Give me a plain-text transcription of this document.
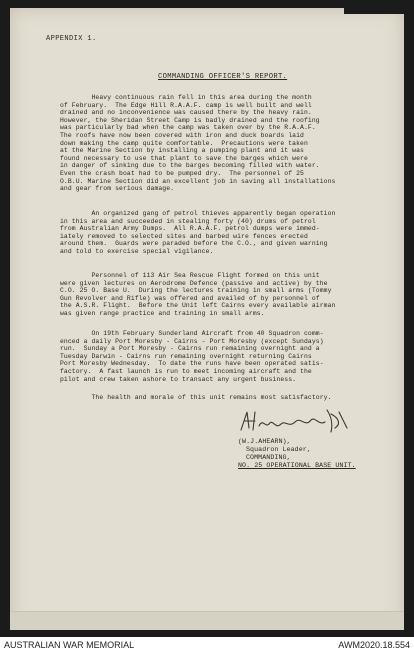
APPENDIX 1.
COMMANDING OFFICER'S REPORT.

Heavy continuous rain fell in this area during the month
of February.  The Edge Hill R.A.A.F. camp is well built and well
drained and no inconvenience was caused there by the heavy rain.
However, the Sheridan Street Camp is badly drained and the roofing
was particularly bad when the camp was taken over by the R.A.A.F.
The roofs have now been covered with iron and duck boards laid
down making the camp quite comfortable.  Precautions were taken
at the Marine Section by installing a pumping plant and it was
found necessary to use that plant to save the barges which were
in danger of sinking due to the barges becoming filled with water.
Even the crash boat had to be pumped dry.  The personnel of 25
O.B.U. Marine Section did an excellent job in saving all installations
and gear from serious damage.

An organized gang of petrol thieves apparently began operation
in this area and succeeded in stealing forty (40) drums of petrol
from Australian Army Dumps.  All R.A.A.F. petrol dumps were immed-
iately removed to selected sites and barbed wire fences erected
around them.  Guards were paraded before the C.O., and given warning
and told to exercise special vigilance.

Personnel of 113 Air Sea Rescue Flight formed on this unit
were given lectures on Aerodrome Defence (passive and active) by the
C.O. 25 O. Base U.  During the lectures training in small arms (Tommy
Gun Revolver and Rifle) was offered and availed of by personnel of
the A.S.R. Flight.  Before the Unit left Cairns every available airman
was given range practice and training in small arms.

On 19th February Sunderland Aircraft from 40 Squadron comm-
enced a daily Port Moresby - Cairns - Port Moresby (except Sundays)
run.  Sunday a Port Moresby - Cairns run remaining overnight and a
Tuesday Darwin - Cairns run remaining overnight returning Cairns
Port Moresby Wednesday.  To date the runs have been operated satis-
factory.  A fast launch is run to meet incoming aircraft and the
pilot and crew taken ashore to transact any urgent business.

The health and morale of this unit remains most satisfactory.

(W.J.AHEARN),
Squadron Leader,
COMMANDING,
NO. 25 OPERATIONAL BASE UNIT.
AUSTRALIAN WAR MEMORIAL	AWM2020.18.554
